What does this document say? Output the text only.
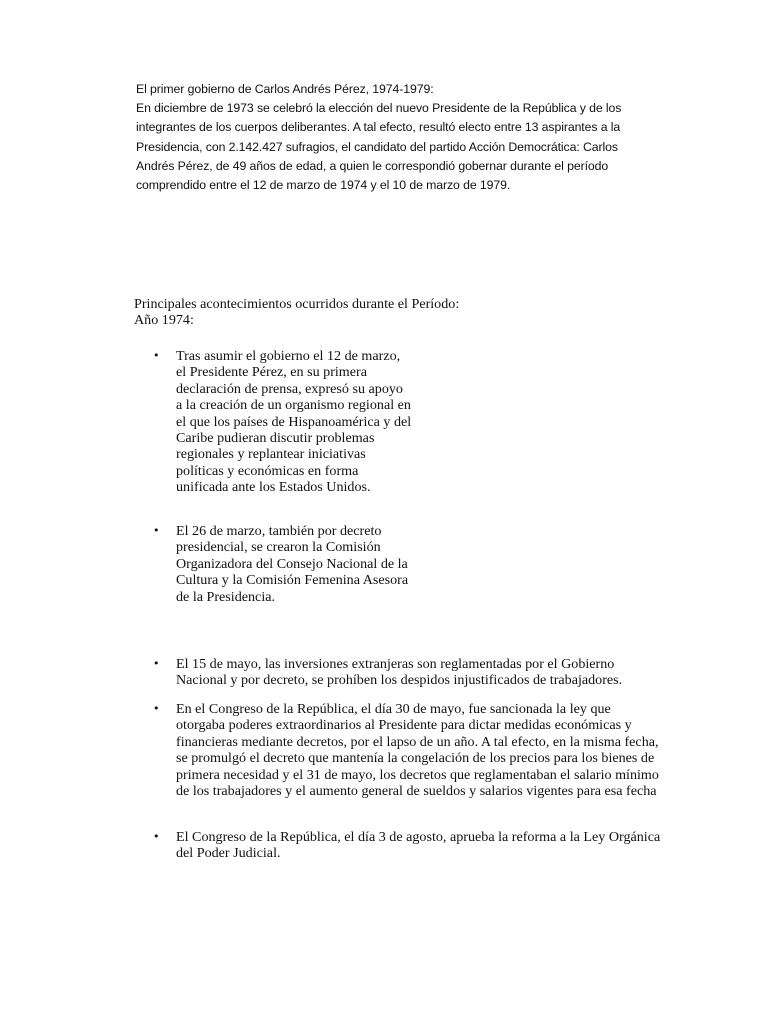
El primer gobierno de Carlos Andrés Pérez, 1974-1979:

En diciembre de 1973 se celebró la elección del nuevo Presidente de la República y de los integrantes de los cuerpos deliberantes. A tal efecto, resultó electo entre 13 aspirantes a la Presidencia, con 2.142.427 sufragios, el candidato del partido Acción Democrática: Carlos Andrés Pérez, de 49 años de edad, a quien le correspondió gobernar durante el período comprendido entre el 12 de marzo de 1974 y el 10 de marzo de 1979.

Principales acontecimientos ocurridos durante el Período:

Año 1974:

• Tras asumir el gobierno el 12 de marzo, el Presidente Pérez, en su primera declaración de prensa, expresó su apoyo a la creación de un organismo regional en el que los países de Hispanoamérica y del Caribe pudieran discutir problemas regionales y replantear iniciativas políticas y económicas en forma unificada ante los Estados Unidos.

• El 26 de marzo, también por decreto presidencial, se crearon la Comisión Organizadora del Consejo Nacional de la Cultura y la Comisión Femenina Asesora de la Presidencia.

• El 15 de mayo, las inversiones extranjeras son reglamentadas por el Gobierno Nacional y por decreto, se prohíben los despidos injustificados de trabajadores.

• En el Congreso de la República, el día 30 de mayo, fue sancionada la ley que otorgaba poderes extraordinarios al Presidente para dictar medidas económicas y financieras mediante decretos, por el lapso de un año. A tal efecto, en la misma fecha, se promulgó el decreto que mantenía la congelación de los precios para los bienes de primera necesidad y el 31 de mayo, los decretos que reglamentaban el salario mínimo de los trabajadores y el aumento general de sueldos y salarios vigentes para esa fecha

• El Congreso de la República, el día 3 de agosto, aprueba la reforma a la Ley Orgánica del Poder Judicial.
